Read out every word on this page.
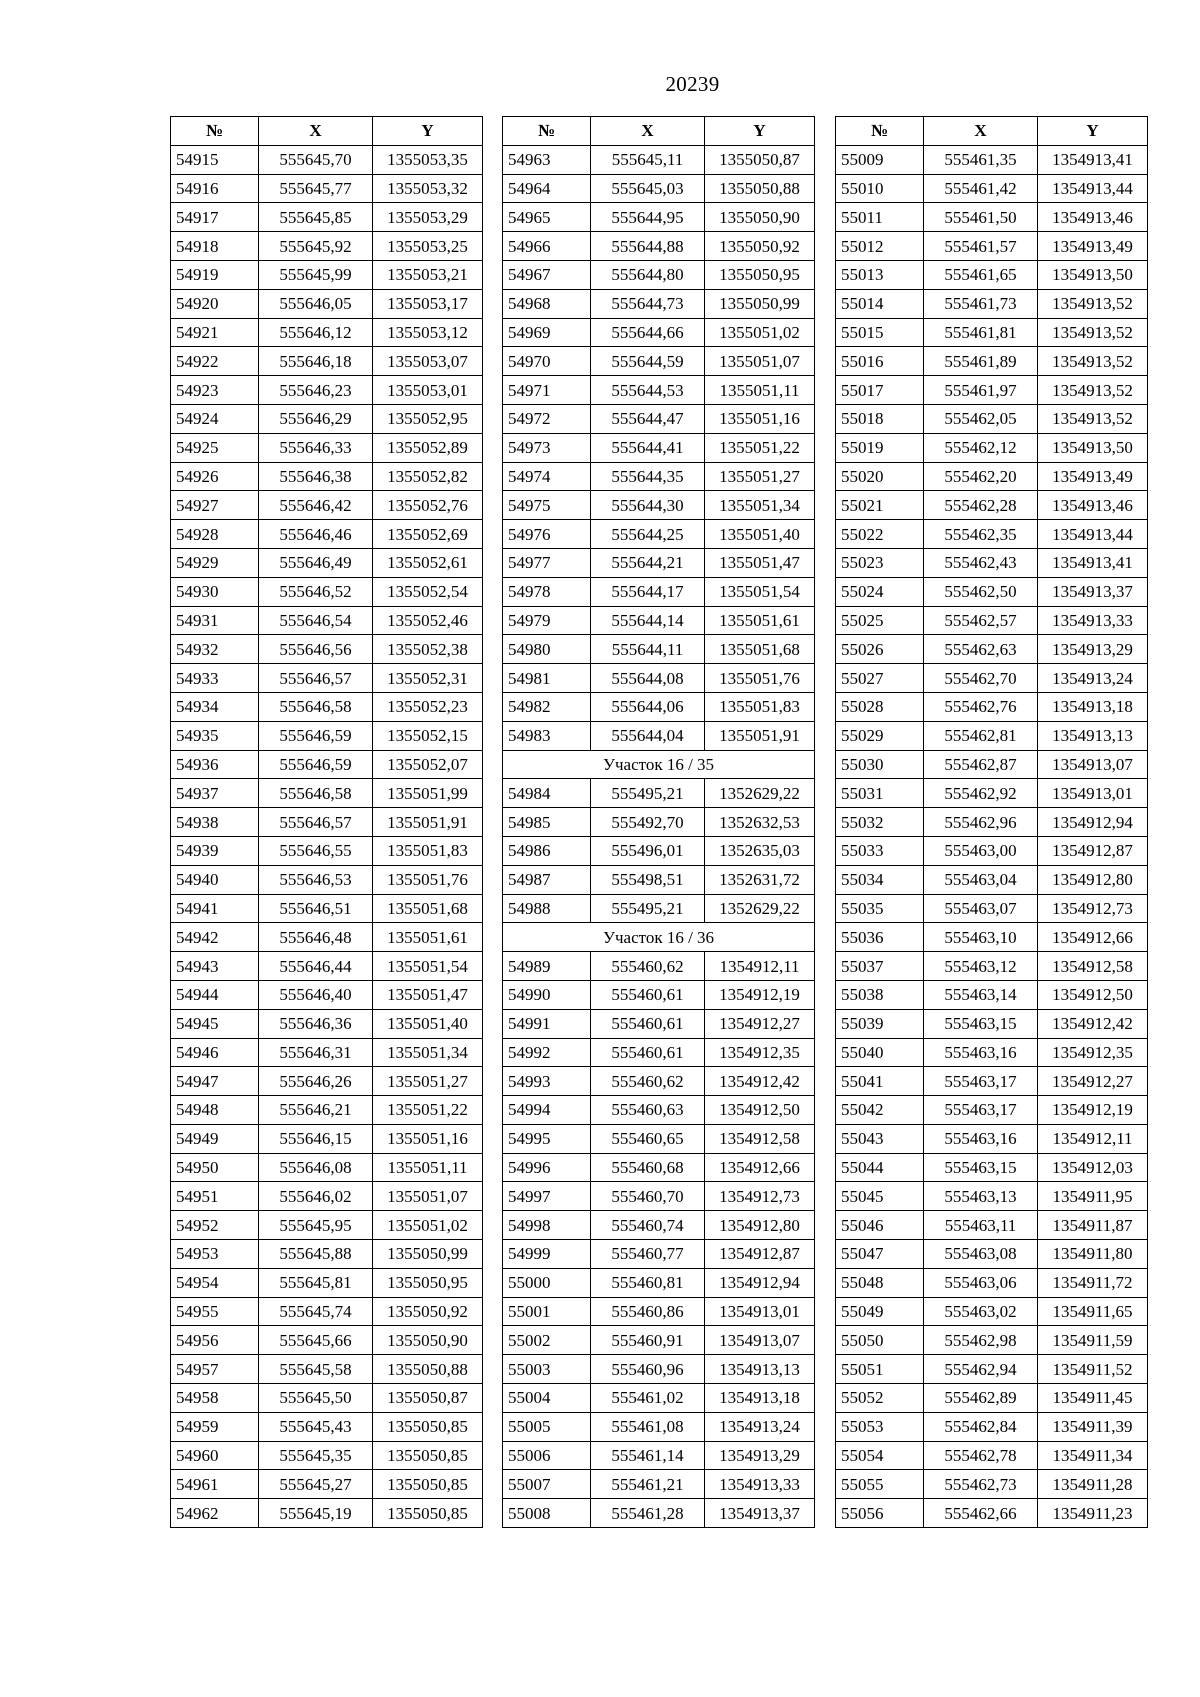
20239
№	X	Y
54915	555645,70	1355053,35
54916	555645,77	1355053,32
54917	555645,85	1355053,29
54918	555645,92	1355053,25
54919	555645,99	1355053,21
54920	555646,05	1355053,17
54921	555646,12	1355053,12
54922	555646,18	1355053,07
54923	555646,23	1355053,01
54924	555646,29	1355052,95
54925	555646,33	1355052,89
54926	555646,38	1355052,82
54927	555646,42	1355052,76
54928	555646,46	1355052,69
54929	555646,49	1355052,61
54930	555646,52	1355052,54
54931	555646,54	1355052,46
54932	555646,56	1355052,38
54933	555646,57	1355052,31
54934	555646,58	1355052,23
54935	555646,59	1355052,15
54936	555646,59	1355052,07
54937	555646,58	1355051,99
54938	555646,57	1355051,91
54939	555646,55	1355051,83
54940	555646,53	1355051,76
54941	555646,51	1355051,68
54942	555646,48	1355051,61
54943	555646,44	1355051,54
54944	555646,40	1355051,47
54945	555646,36	1355051,40
54946	555646,31	1355051,34
54947	555646,26	1355051,27
54948	555646,21	1355051,22
54949	555646,15	1355051,16
54950	555646,08	1355051,11
54951	555646,02	1355051,07
54952	555645,95	1355051,02
54953	555645,88	1355050,99
54954	555645,81	1355050,95
54955	555645,74	1355050,92
54956	555645,66	1355050,90
54957	555645,58	1355050,88
54958	555645,50	1355050,87
54959	555645,43	1355050,85
54960	555645,35	1355050,85
54961	555645,27	1355050,85
54962	555645,19	1355050,85
№	X	Y
54963	555645,11	1355050,87
54964	555645,03	1355050,88
54965	555644,95	1355050,90
54966	555644,88	1355050,92
54967	555644,80	1355050,95
54968	555644,73	1355050,99
54969	555644,66	1355051,02
54970	555644,59	1355051,07
54971	555644,53	1355051,11
54972	555644,47	1355051,16
54973	555644,41	1355051,22
54974	555644,35	1355051,27
54975	555644,30	1355051,34
54976	555644,25	1355051,40
54977	555644,21	1355051,47
54978	555644,17	1355051,54
54979	555644,14	1355051,61
54980	555644,11	1355051,68
54981	555644,08	1355051,76
54982	555644,06	1355051,83
54983	555644,04	1355051,91
Участок 16 / 35		
54984	555495,21	1352629,22
54985	555492,70	1352632,53
54986	555496,01	1352635,03
54987	555498,51	1352631,72
54988	555495,21	1352629,22
Участок 16 / 36		
54989	555460,62	1354912,11
54990	555460,61	1354912,19
54991	555460,61	1354912,27
54992	555460,61	1354912,35
54993	555460,62	1354912,42
54994	555460,63	1354912,50
54995	555460,65	1354912,58
54996	555460,68	1354912,66
54997	555460,70	1354912,73
54998	555460,74	1354912,80
54999	555460,77	1354912,87
55000	555460,81	1354912,94
55001	555460,86	1354913,01
55002	555460,91	1354913,07
55003	555460,96	1354913,13
55004	555461,02	1354913,18
55005	555461,08	1354913,24
55006	555461,14	1354913,29
55007	555461,21	1354913,33
55008	555461,28	1354913,37
№	X	Y
55009	555461,35	1354913,41
55010	555461,42	1354913,44
55011	555461,50	1354913,46
55012	555461,57	1354913,49
55013	555461,65	1354913,50
55014	555461,73	1354913,52
55015	555461,81	1354913,52
55016	555461,89	1354913,52
55017	555461,97	1354913,52
55018	555462,05	1354913,52
55019	555462,12	1354913,50
55020	555462,20	1354913,49
55021	555462,28	1354913,46
55022	555462,35	1354913,44
55023	555462,43	1354913,41
55024	555462,50	1354913,37
55025	555462,57	1354913,33
55026	555462,63	1354913,29
55027	555462,70	1354913,24
55028	555462,76	1354913,18
55029	555462,81	1354913,13
55030	555462,87	1354913,07
55031	555462,92	1354913,01
55032	555462,96	1354912,94
55033	555463,00	1354912,87
55034	555463,04	1354912,80
55035	555463,07	1354912,73
55036	555463,10	1354912,66
55037	555463,12	1354912,58
55038	555463,14	1354912,50
55039	555463,15	1354912,42
55040	555463,16	1354912,35
55041	555463,17	1354912,27
55042	555463,17	1354912,19
55043	555463,16	1354912,11
55044	555463,15	1354912,03
55045	555463,13	1354911,95
55046	555463,11	1354911,87
55047	555463,08	1354911,80
55048	555463,06	1354911,72
55049	555463,02	1354911,65
55050	555462,98	1354911,59
55051	555462,94	1354911,52
55052	555462,89	1354911,45
55053	555462,84	1354911,39
55054	555462,78	1354911,34
55055	555462,73	1354911,28
55056	555462,66	1354911,23
